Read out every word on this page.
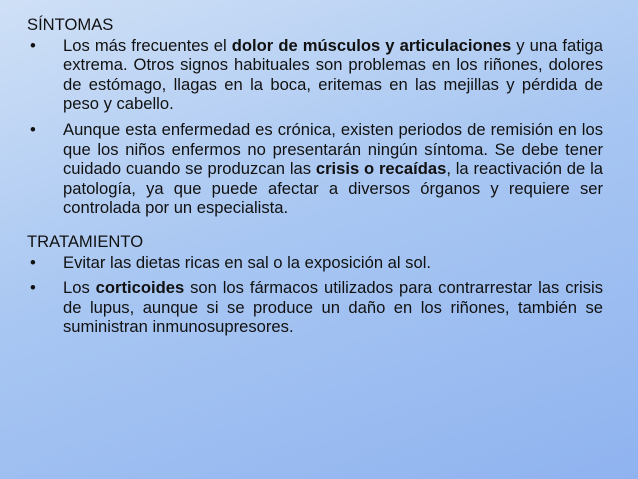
SÍNTOMAS
• Los más frecuentes el dolor de músculos y articulaciones y una fatiga extrema. Otros signos habituales son problemas en los riñones, dolores de estómago, llagas en la boca, eritemas en las mejillas y pérdida de peso y cabello.
• Aunque esta enfermedad es crónica, existen periodos de remisión en los que los niños enfermos no presentarán ningún síntoma. Se debe tener cuidado cuando se produzcan las crisis o recaídas, la reactivación de la patología, ya que puede afectar a diversos órganos y requiere ser controlada por un especialista.
TRATAMIENTO
• Evitar las dietas ricas en sal o la exposición al sol.
• Los corticoides son los fármacos utilizados para contrarrestar las crisis de lupus, aunque si se produce un daño en los riñones, también se suministran inmunosupresores.
